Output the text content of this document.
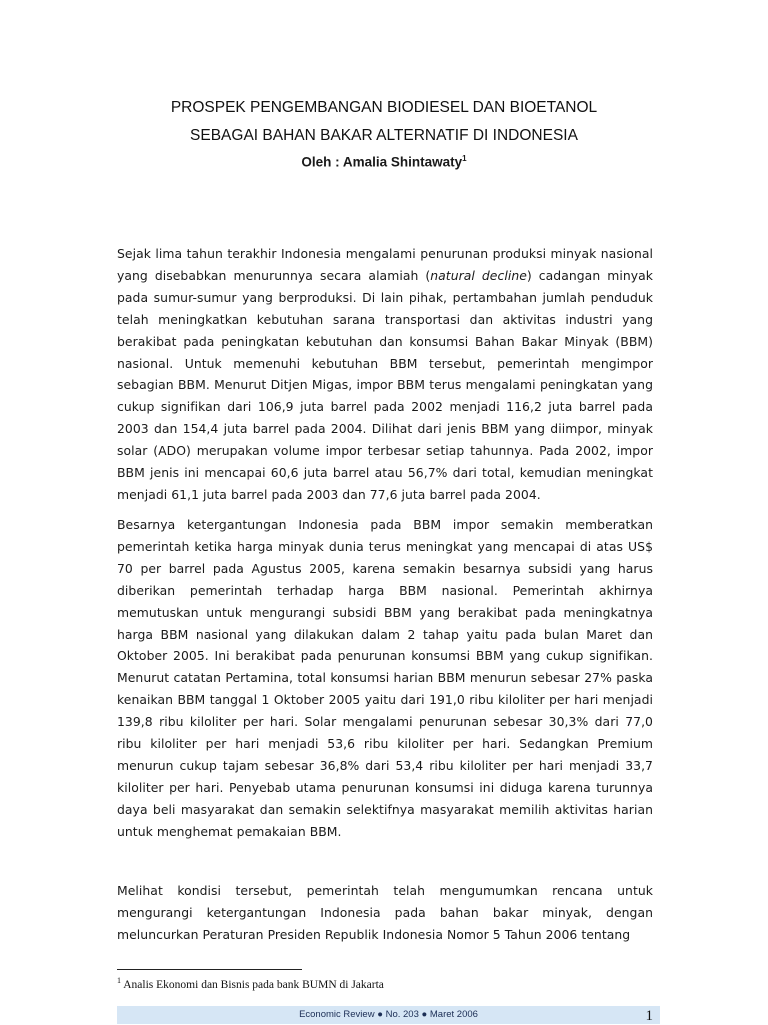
PROSPEK PENGEMBANGAN BIODIESEL DAN BIOETANOL
SEBAGAI BAHAN BAKAR ALTERNATIF DI INDONESIA
Oleh : Amalia Shintawaty$^1$

Sejak lima tahun terakhir Indonesia mengalami penurunan produksi minyak nasional yang disebabkan menurunnya secara alamiah (natural decline) cadangan minyak pada sumur-sumur yang berproduksi. Di lain pihak, pertambahan jumlah penduduk telah meningkatkan kebutuhan sarana transportasi dan aktivitas industri yang berakibat pada peningkatan kebutuhan dan konsumsi Bahan Bakar Minyak (BBM) nasional. Untuk memenuhi kebutuhan BBM tersebut, pemerintah mengimpor sebagian BBM. Menurut Ditjen Migas, impor BBM terus mengalami peningkatan yang cukup signifikan dari 106,9 juta barrel pada 2002 menjadi 116,2 juta barrel pada 2003 dan 154,4 juta barrel pada 2004. Dilihat dari jenis BBM yang diimpor, minyak solar (ADO) merupakan volume impor terbesar setiap tahunnya. Pada 2002, impor BBM jenis ini mencapai 60,6 juta barrel atau 56,7% dari total, kemudian meningkat menjadi 61,1 juta barrel pada 2003 dan 77,6 juta barrel pada 2004.

Besarnya ketergantungan Indonesia pada BBM impor semakin memberatkan pemerintah ketika harga minyak dunia terus meningkat yang mencapai di atas US$ 70 per barrel pada Agustus 2005, karena semakin besarnya subsidi yang harus diberikan pemerintah terhadap harga BBM nasional. Pemerintah akhirnya memutuskan untuk mengurangi subsidi BBM yang berakibat pada meningkatnya harga BBM nasional yang dilakukan dalam 2 tahap yaitu pada bulan Maret dan Oktober 2005. Ini berakibat pada penurunan konsumsi BBM yang cukup signifikan. Menurut catatan Pertamina, total konsumsi harian BBM menurun sebesar 27% paska kenaikan BBM tanggal 1 Oktober 2005 yaitu dari 191,0 ribu kiloliter per hari menjadi 139,8 ribu kiloliter per hari. Solar mengalami penurunan sebesar 30,3% dari 77,0 ribu kiloliter per hari menjadi 53,6 ribu kiloliter per hari. Sedangkan Premium menurun cukup tajam sebesar 36,8% dari 53,4 ribu kiloliter per hari menjadi 33,7 kiloliter per hari. Penyebab utama penurunan konsumsi ini diduga karena turunnya daya beli masyarakat dan semakin selektifnya masyarakat memilih aktivitas harian untuk menghemat pemakaian BBM.

Melihat kondisi tersebut, pemerintah telah mengumumkan rencana untuk mengurangi ketergantungan Indonesia pada bahan bakar minyak, dengan meluncurkan Peraturan Presiden Republik Indonesia Nomor 5 Tahun 2006 tentang

$^1$ Analis Ekonomi dan Bisnis pada bank BUMN di Jakarta
Economic Review ● No. 203 ● Maret 2006	1
